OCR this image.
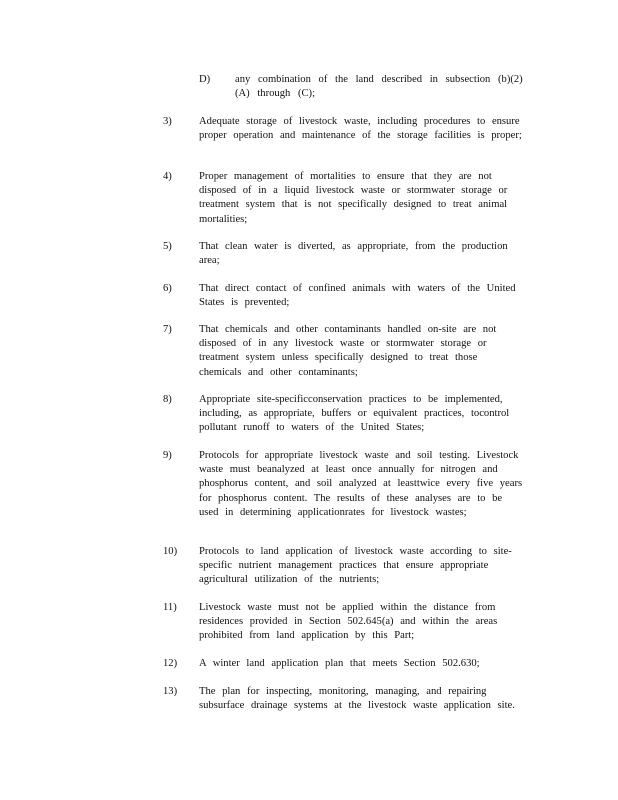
D) any combination of the land described in subsection (b)(2)(A) through (C);
3)	Adequate storage of livestock waste, including procedures to ensure proper operation and maintenance of the storage facilities is proper;
4)	Proper management of mortalities to ensure that they are not disposed of in a liquid livestock waste or stormwater storage or treatment system that is not specifically designed to treat animal mortalities;
5)	That clean water is diverted, as appropriate, from the production area;
6)	That direct contact of confined animals with waters of the United States is prevented;
7)	That chemicals and other contaminants handled on-site are not disposed of in any livestock waste or stormwater storage or treatment system unless specifically designed to treat those chemicals and other contaminants;
8)	Appropriate site-specificconservation practices to be implemented, including, as appropriate, buffers or equivalent practices, tocontrol pollutant runoff to waters of the United States;
9)	Protocols for appropriate livestock waste and soil testing. Livestock waste must beanalyzed at least once annually for nitrogen and phosphorus content, and soil analyzed at leasttwice every five years for phosphorus content. The results of these analyses are to be used in determining applicationrates for livestock wastes;
10) Protocols to land application of livestock waste according to site-specific nutrient management practices that ensure appropriate agricultural utilization of the nutrients;
11) Livestock waste must not be applied within the distance from residences provided in Section 502.645(a) and within the areas prohibited from land application by this Part;
12) A winter land application plan that meets Section 502.630;
13) The plan for inspecting, monitoring, managing, and repairing subsurface drainage systems at the livestock waste application site.
